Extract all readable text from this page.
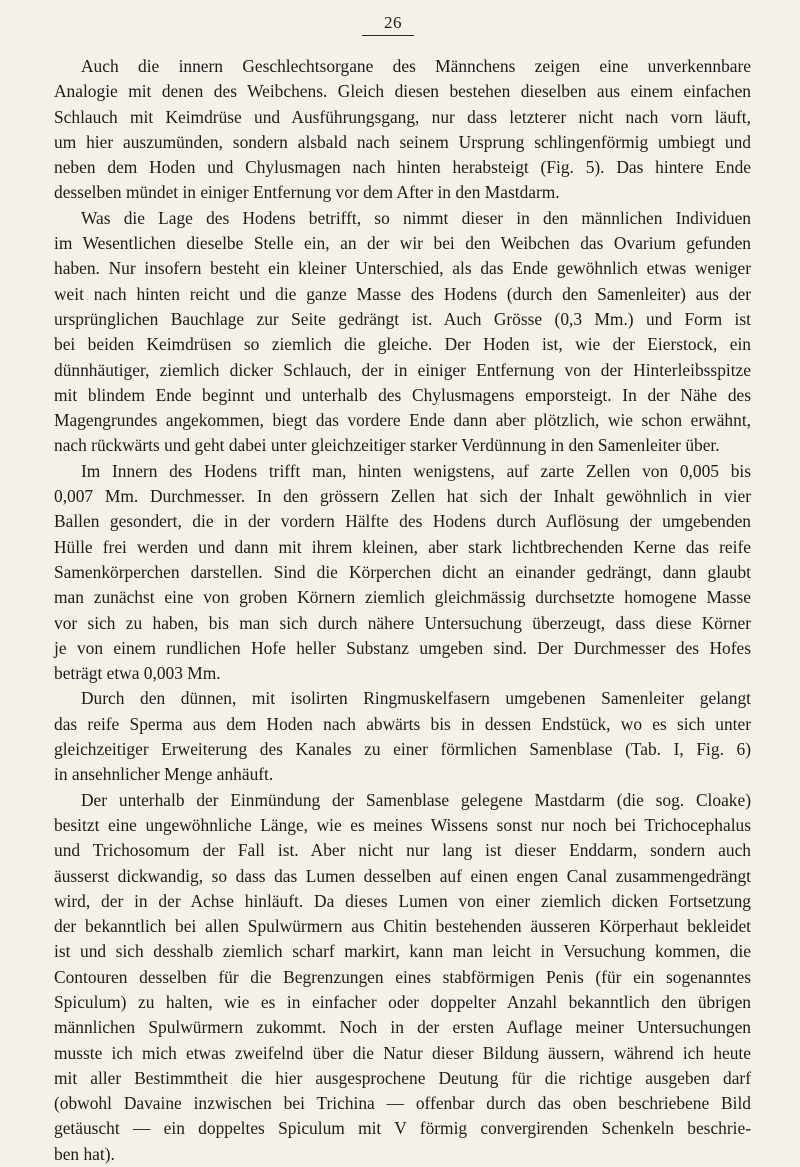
26
Auch die innern Geschlechtsorgane des Männchens zeigen eine unverkennbare
Analogie mit denen des Weibchens. Gleich diesen bestehen dieselben aus einem einfachen
Schlauch mit Keimdrüse und Ausführungsgang, nur dass letzterer nicht nach vorn läuft,
um hier auszumünden, sondern alsbald nach seinem Ursprung schlingenförmig umbiegt und
neben dem Hoden und Chylusmagen nach hinten herabsteigt (Fig. 5). Das hintere Ende
desselben mündet in einiger Entfernung vor dem After in den Mastdarm.
Was die Lage des Hodens betrifft, so nimmt dieser in den männlichen Individuen
im Wesentlichen dieselbe Stelle ein, an der wir bei den Weibchen das Ovarium gefunden
haben. Nur insofern besteht ein kleiner Unterschied, als das Ende gewöhnlich etwas weniger
weit nach hinten reicht und die ganze Masse des Hodens (durch den Samenleiter) aus der
ursprünglichen Bauchlage zur Seite gedrängt ist. Auch Grösse (0,3 Mm.) und Form ist
bei beiden Keimdrüsen so ziemlich die gleiche. Der Hoden ist, wie der Eierstock, ein
dünnhäutiger, ziemlich dicker Schlauch, der in einiger Entfernung von der Hinterleibsspitze
mit blindem Ende beginnt und unterhalb des Chylusmagens emporsteigt. In der Nähe des
Magengrundes angekommen, biegt das vordere Ende dann aber plötzlich, wie schon erwähnt,
nach rückwärts und geht dabei unter gleichzeitiger starker Verdünnung in den Samenleiter über.
Im Innern des Hodens trifft man, hinten wenigstens, auf zarte Zellen von 0,005 bis
0,007 Mm. Durchmesser. In den grössern Zellen hat sich der Inhalt gewöhnlich in vier
Ballen gesondert, die in der vordern Hälfte des Hodens durch Auflösung der umgebenden
Hülle frei werden und dann mit ihrem kleinen, aber stark lichtbrechenden Kerne das reife
Samenkörperchen darstellen. Sind die Körperchen dicht an einander gedrängt, dann glaubt
man zunächst eine von groben Körnern ziemlich gleichmässig durchsetzte homogene Masse
vor sich zu haben, bis man sich durch nähere Untersuchung überzeugt, dass diese Körner
je von einem rundlichen Hofe heller Substanz umgeben sind. Der Durchmesser des Hofes
beträgt etwa 0,003 Mm.
Durch den dünnen, mit isolirten Ringmuskelfasern umgebenen Samenleiter gelangt
das reife Sperma aus dem Hoden nach abwärts bis in dessen Endstück, wo es sich unter
gleichzeitiger Erweiterung des Kanales zu einer förmlichen Samenblase (Tab. I, Fig. 6)
in ansehnlicher Menge anhäuft.
Der unterhalb der Einmündung der Samenblase gelegene Mastdarm (die sog. Cloake)
besitzt eine ungewöhnliche Länge, wie es meines Wissens sonst nur noch bei Trichocephalus
und Trichosomum der Fall ist. Aber nicht nur lang ist dieser Enddarm, sondern auch
äusserst dickwandig, so dass das Lumen desselben auf einen engen Canal zusammengedrängt
wird, der in der Achse hinläuft. Da dieses Lumen von einer ziemlich dicken Fortsetzung
der bekanntlich bei allen Spulwürmern aus Chitin bestehenden äusseren Körperhaut bekleidet
ist und sich desshalb ziemlich scharf markirt, kann man leicht in Versuchung kommen, die
Contouren desselben für die Begrenzungen eines stabförmigen Penis (für ein sogenanntes
Spiculum) zu halten, wie es in einfacher oder doppelter Anzahl bekanntlich den übrigen
männlichen Spulwürmern zukommt. Noch in der ersten Auflage meiner Untersuchungen
musste ich mich etwas zweifelnd über die Natur dieser Bildung äussern, während ich heute
mit aller Bestimmtheit die hier ausgesprochene Deutung für die richtige ausgeben darf
(obwohl Davaine inzwischen bei Trichina — offenbar durch das oben beschriebene Bild
getäuscht — ein doppeltes Spiculum mit V förmig convergirenden Schenkeln beschrie-
ben hat).
